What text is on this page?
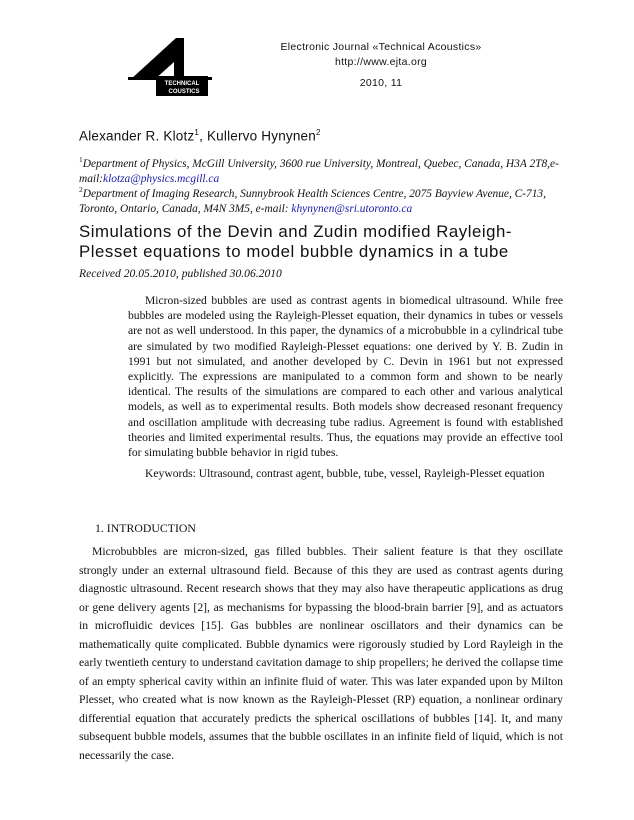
TECHNICAL
COUSTICS
Electronic Journal «Technical Acoustics»
http://www.ejta.org
2010, 11
Alexander R. Klotz$^1$, Kullervo Hynynen$^2$
$^1$Department of Physics, McGill University, 3600 rue University, Montreal, Quebec, Canada, H3A 2T8,e-mail:klotza@physics.mcgill.ca
$^2$Department of Imaging Research, Sunnybrook Health Sciences Centre, 2075 Bayview Avenue, C-713, Toronto, Ontario, Canada, M4N 3M5, e-mail: khynynen@sri.utoronto.ca
Simulations of the Devin and Zudin modified Rayleigh-Plesset equations to model bubble dynamics in a tube
Received 20.05.2010, published 30.06.2010

Micron-sized bubbles are used as contrast agents in biomedical ultrasound. While free bubbles are modeled using the Rayleigh-Plesset equation, their dynamics in tubes or vessels are not as well understood. In this paper, the dynamics of a microbubble in a cylindrical tube are simulated by two modified Rayleigh-Plesset equations: one derived by Y. B. Zudin in 1991 but not simulated, and another developed by C. Devin in 1961 but not expressed explicitly. The expressions are manipulated to a common form and shown to be nearly identical. The results of the simulations are compared to each other and various analytical models, as well as to experimental results. Both models show decreased resonant frequency and oscillation amplitude with decreasing tube radius. Agreement is found with established theories and limited experimental results. Thus, the equations may provide an effective tool for simulating bubble behavior in rigid tubes.

Keywords: Ultrasound, contrast agent, bubble, tube, vessel, Rayleigh-Plesset equation

1. INTRODUCTION

Microbubbles are micron-sized, gas filled bubbles. Their salient feature is that they oscillate strongly under an external ultrasound field. Because of this they are used as contrast agents during diagnostic ultrasound. Recent research shows that they may also have therapeutic applications as drug or gene delivery agents [2], as mechanisms for bypassing the blood-brain barrier [9], and as actuators in microfluidic devices [15]. Gas bubbles are nonlinear oscillators and their dynamics can be mathematically quite complicated. Bubble dynamics were rigorously studied by Lord Rayleigh in the early twentieth century to understand cavitation damage to ship propellers; he derived the collapse time of an empty spherical cavity within an infinite fluid of water. This was later expanded upon by Milton Plesset, who created what is now known as the Rayleigh-Plesset (RP) equation, a nonlinear ordinary differential equation that accurately predicts the spherical oscillations of bubbles [14]. It, and many subsequent bubble models, assumes that the bubble oscillates in an infinite field of liquid, which is not necessarily the case.
